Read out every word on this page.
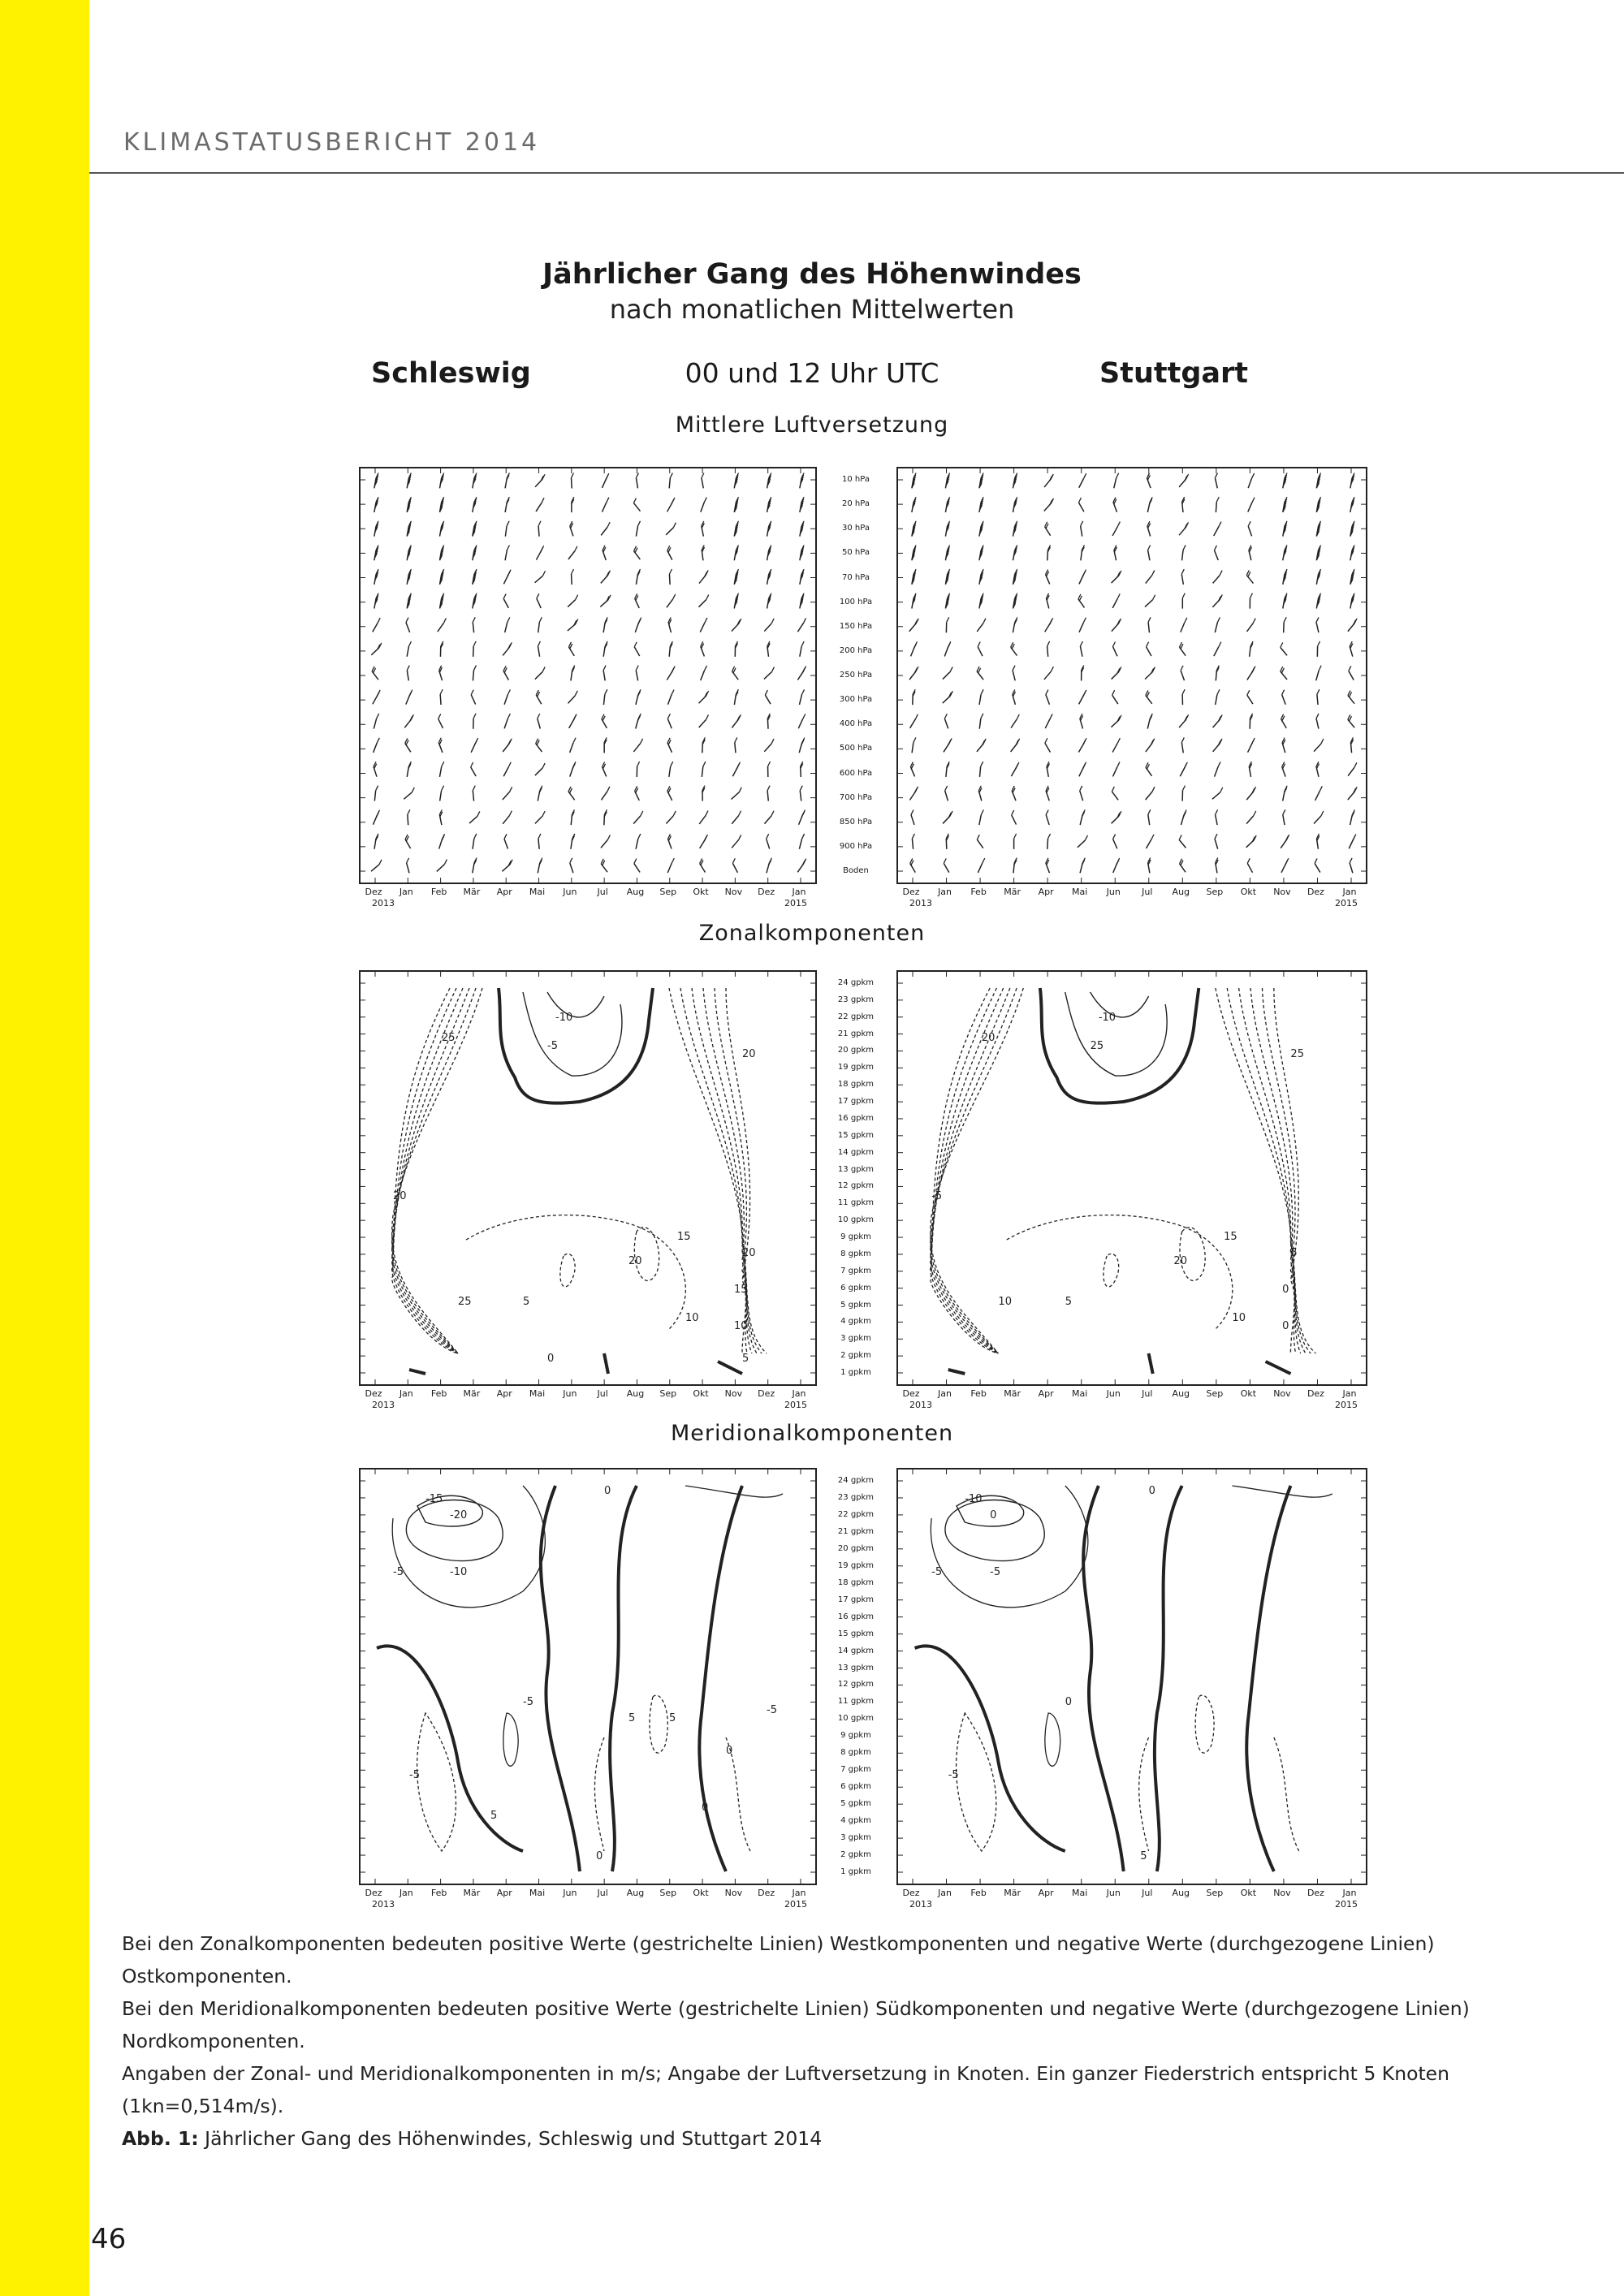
KLIMASTATUSBERICHT 2014
Jährlicher Gang des Höhenwindes
nach monatlichen Mittelwerten
Schleswig	00 und 12 Uhr UTC	Stuttgart
Mittlere Luftversetzung
10 hPa
20 hPa
30 hPa
50 hPa
70 hPa
100 hPa
150 hPa
200 hPa
250 hPa
300 hPa
400 hPa
500 hPa
600 hPa
700 hPa
850 hPa
900 hPa
Boden
Zonalkomponenten
-10
-5
20
25
20
25
20
15
10
20
15
10
5
5
0
-10
25
-5
20
25
10
20
15
10
5
0
0
5
24 gpkm
23 gpkm
22 gpkm
21 gpkm
20 gpkm
19 gpkm
18 gpkm
17 gpkm
16 gpkm
15 gpkm
14 gpkm
13 gpkm
12 gpkm
11 gpkm
10 gpkm
9 gpkm
8 gpkm
7 gpkm
6 gpkm
5 gpkm
4 gpkm
3 gpkm
2 gpkm
1 gpkm
Meridionalkomponenten
-15
-20
-5	-10
0
-5
-5
0
5	5
0
-5
0
5
-10
0
-5	-5
0
0
-5
5
24 gpkm
23 gpkm
22 gpkm
21 gpkm
20 gpkm
19 gpkm
18 gpkm
17 gpkm
16 gpkm
15 gpkm
14 gpkm
13 gpkm
12 gpkm
11 gpkm
10 gpkm
9 gpkm
8 gpkm
7 gpkm
6 gpkm
5 gpkm
4 gpkm
3 gpkm
2 gpkm
1 gpkm
Dez Jan Feb Mär Apr Mai Jun Jul Aug Sep Okt Nov Dez Jan
2013	2015
Dez Jan Feb Mär Apr Mai Jun Jul Aug Sep Okt Nov Dez Jan
2013	2015
Dez Jan Feb Mär Apr Mai Jun Jul Aug Sep Okt Nov Dez Jan
2013	2015
Dez Jan Feb Mär Apr Mai Jun Jul Aug Sep Okt Nov Dez Jan
2013	2015
Dez Jan Feb Mär Apr Mai Jun Jul Aug Sep Okt Nov Dez Jan
2013	2015
Dez Jan Feb Mär Apr Mai Jun Jul Aug Sep Okt Nov Dez Jan
2013	2015

Bei den Zonalkomponenten bedeuten positive Werte (gestrichelte Linien) Westkomponenten und negative Werte (durchgezogene Linien) Ostkomponenten.

Bei den Meridionalkomponenten bedeuten positive Werte (gestrichelte Linien) Südkomponenten und negative Werte (durchgezogene Linien) Nordkomponenten.

Angaben der Zonal- und Meridionalkomponenten in m/s; Angabe der Luftversetzung in Knoten. Ein ganzer Fiederstrich entspricht 5 Knoten (1kn=0,514m/s).

Abb. 1: Jährlicher Gang des Höhenwindes, Schleswig und Stuttgart 2014

46
